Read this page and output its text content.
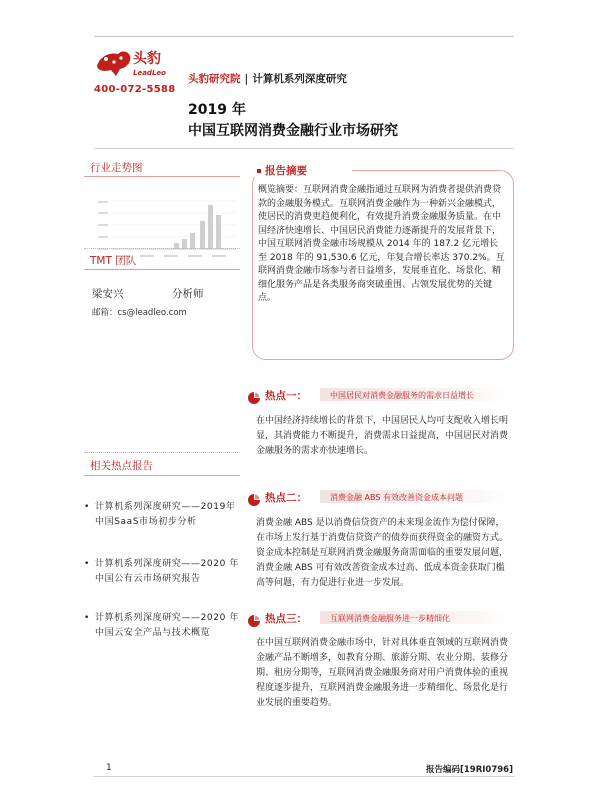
头豹
LeadLeo
400-072-5588
头豹研究院 | 计算机系列深度研究
2019 年
中国互联网消费金融行业市场研究
行业走势图
TMT 团队
梁安兴	分析师
邮箱：cs@leadleo.com
相关热点报告
• 计算机系列深度研究——2019年中国SaaS市场初步分析
• 计算机系列深度研究——2020 年中国公有云市场研究报告
• 计算机系列深度研究——2020 年中国云安全产品与技术概览
报告摘要
概览摘要：互联网消费金融指通过互联网为消费者提供消费贷款的金融服务模式。互联网消费金融作为一种新兴金融模式，使居民的消费更趋便利化，有效提升消费金融服务质量。在中国经济快速增长、中国居民消费能力逐渐提升的发展背景下，中国互联网消费金融市场规模从 2014 年的 187.2 亿元增长至 2018 年的 91,530.6 亿元，年复合增长率达 370.2%。互联网消费金融市场参与者日益增多，发展垂直化、场景化、精细化服务产品是各类服务商突破重围、占领发展优势的关键点。
热点一：	中国居民对消费金融服务的需求日益增长
在中国经济持续增长的背景下，中国居民人均可支配收入增长明显，其消费能力不断提升，消费需求日益提高，中国居民对消费金融服务的需求亦快速增长。
热点二：	消费金融 ABS 有效改善资金成本问题
消费金融 ABS 是以消费信贷资产的未来现金流作为偿付保障，在市场上发行基于消费信贷资产的债券而获得资金的融资方式。资金成本控制是互联网消费金融服务商需面临的重要发展问题，消费金融 ABS 可有效改善资金成本过高、低成本资金获取门槛高等问题，有力促进行业进一步发展。
热点三：	互联网消费金融服务进一步精细化
在中国互联网消费金融市场中，针对具体垂直领域的互联网消费金融产品不断增多，如教育分期、旅游分期、农业分期、装修分期、租房分期等，互联网消费金融服务商对用户消费体验的重视程度逐步提升，互联网消费金融服务进一步精细化、场景化是行业发展的重要趋势。
1	报告编码[19RI0796]
